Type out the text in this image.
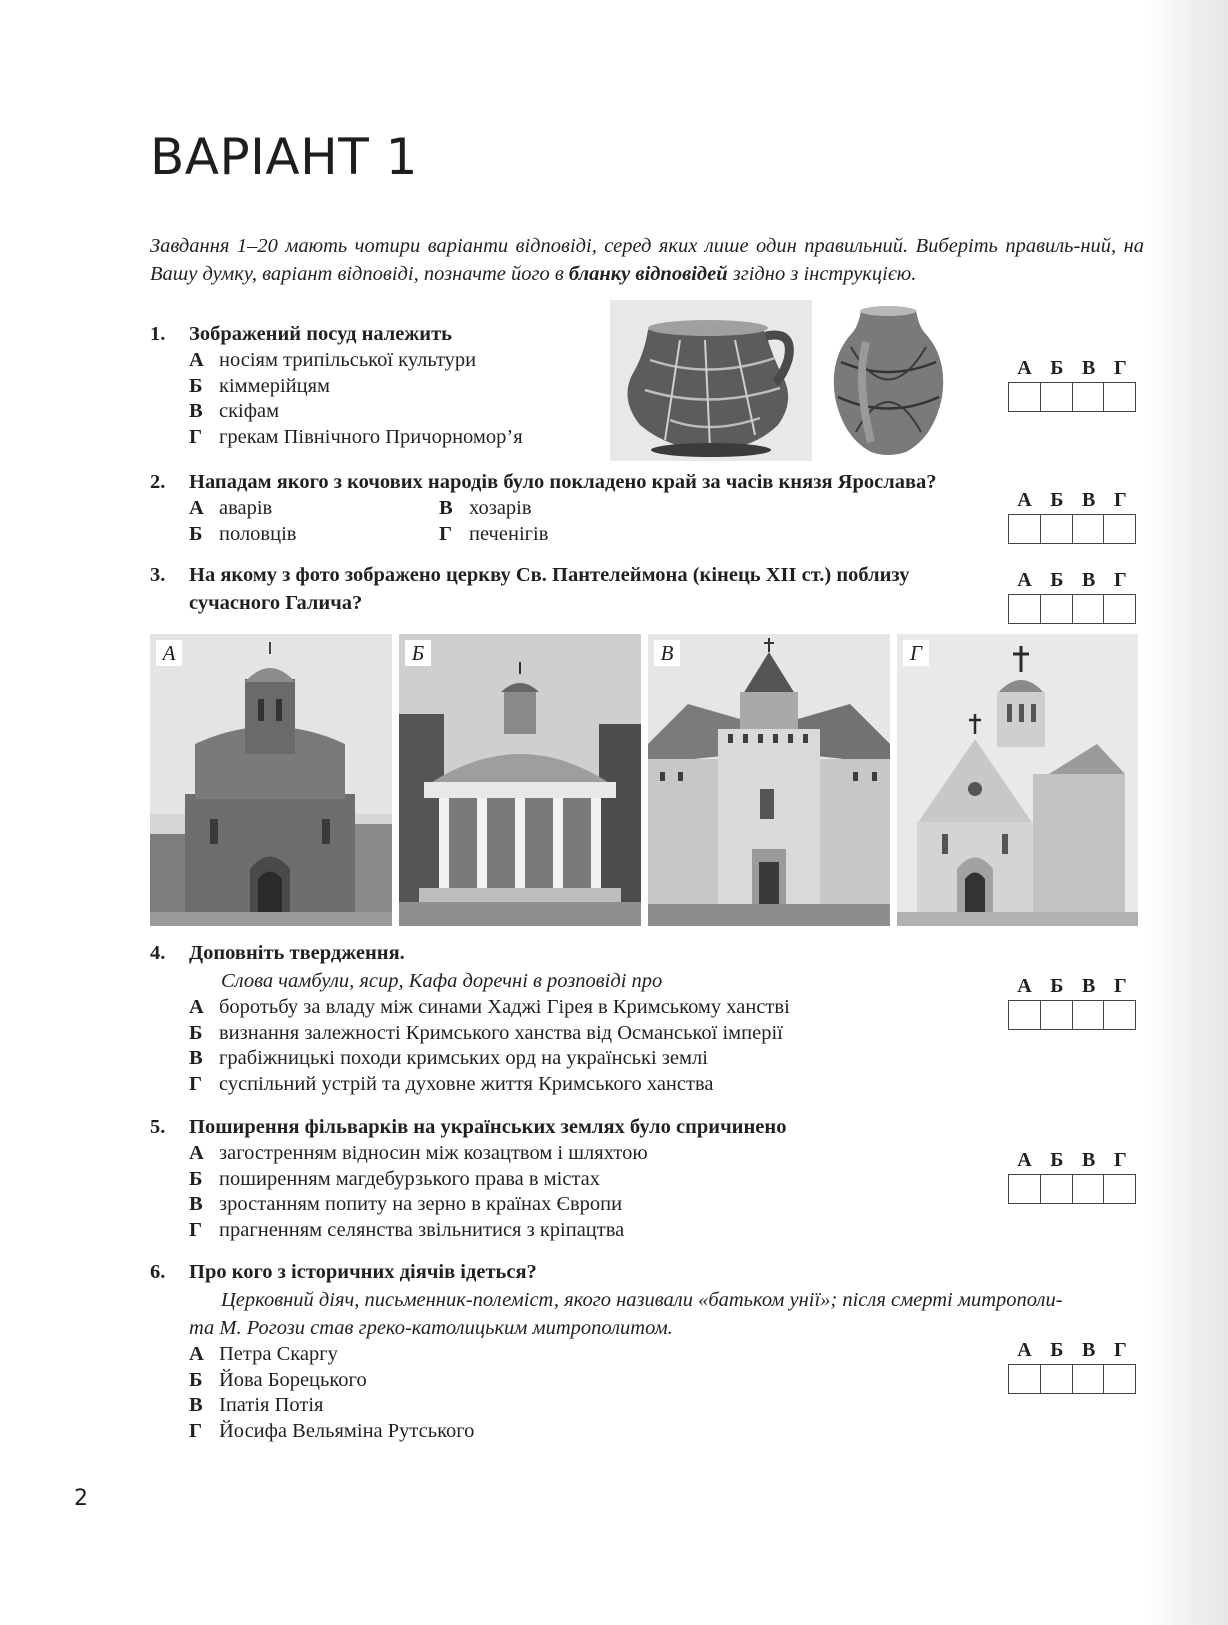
ВАРІАНТ 1
Завдання 1–20 мають чотири варіанти відповіді, серед яких лише один правильний. Виберіть правиль-ний, на Вашу думку, варіант відповіді, позначте його в бланку відповідей згідно з інструкцією.
1.	Зображений посуд належить
А носіям трипільської культури
Б кіммерійцям
В скіфам
Г грекам Північного Причорномор’я
А Б В Г
2.	Нападам якого з кочових народів було покладено край за часів князя Ярослава?
А аварів	В хозарів
Б половців	Г печенігів
А Б В Г
3.	На якому з фото зображено церкву Св. Пантелеймона (кінець XII ст.) поблизу
сучасного Галича?
А Б В Г
А	Б	В	Г
4.	Доповніть твердження.
Слова чамбули, ясир, Кафа доречні в розповіді про
А боротьбу за владу між синами Хаджі Гірея в Кримському ханстві
Б визнання залежності Кримського ханства від Османської імперії
В грабіжницькі походи кримських орд на українські землі
Г суспільний устрій та духовне життя Кримського ханства
А Б В Г
5.	Поширення фільварків на українських землях було спричинено
А загостренням відносин між козацтвом і шляхтою
Б поширенням магдебурзького права в містах
В зростанням попиту на зерно в країнах Європи
Г прагненням селянства звільнитися з кріпацтва
А Б В Г
6.	Про кого з історичних діячів ідеться?
Церковний діяч, письменник-полеміст, якого називали «батьком унії»; після смерті митрополи-
та М. Рогози став греко-католицьким митрополитом.
А Петра Скаргу
Б Йова Борецького
В Іпатія Потія
Г Йосифа Вельяміна Рутського
А Б В Г
2
